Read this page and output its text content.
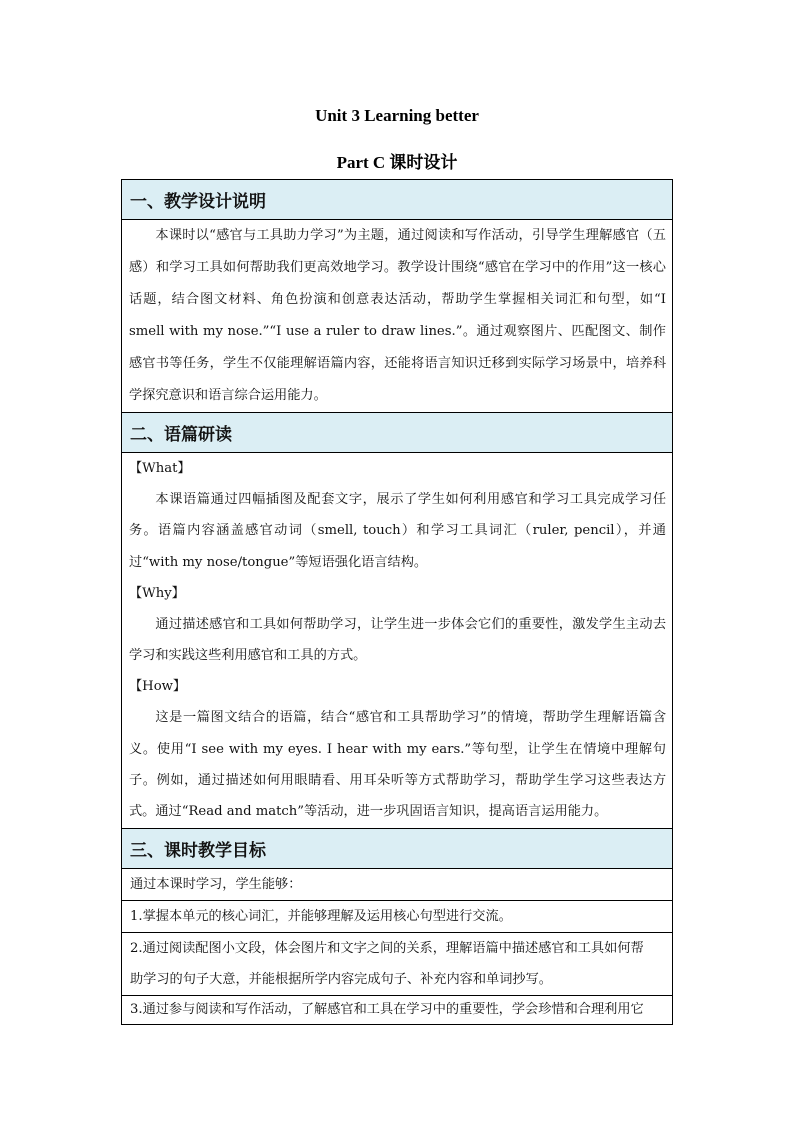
Unit 3 Learning better
Part C 课时设计
一、教学设计说明

本课时以“感官与工具助力学习”为主题，通过阅读和写作活动，引导学生理解感官（五感）和学习工具如何帮助我们更高效地学习。教学设计围绕“感官在学习中的作用”这一核心话题，结合图文材料、角色扮演和创意表达活动，帮助学生掌握相关词汇和句型，如“I smell with my nose.”“I use a ruler to draw lines.”。通过观察图片、匹配图文、制作感官书等任务，学生不仅能理解语篇内容，还能将语言知识迁移到实际学习场景中，培养科学探究意识和语言综合运用能力。

二、语篇研读

【What】

本课语篇通过四幅插图及配套文字，展示了学生如何利用感官和学习工具完成学习任务。语篇内容涵盖感官动词（smell, touch）和学习工具词汇（ruler, pencil），并通过“with my nose/tongue”等短语强化语言结构。

【Why】

通过描述感官和工具如何帮助学习，让学生进一步体会它们的重要性，激发学生主动去学习和实践这些利用感官和工具的方式。

【How】

这是一篇图文结合的语篇，结合“感官和工具帮助学习”的情境，帮助学生理解语篇含义。使用“I see with my eyes. I hear with my ears.”等句型，让学生在情境中理解句子。例如，通过描述如何用眼睛看、用耳朵听等方式帮助学习，帮助学生学习这些表达方式。通过“Read and match”等活动，进一步巩固语言知识，提高语言运用能力。

三、课时教学目标

通过本课时学习，学生能够：

1.掌握本单元的核心词汇，并能够理解及运用核心句型进行交流。

2.通过阅读配图小文段，体会图片和文字之间的关系，理解语篇中描述感官和工具如何帮

助学习的句子大意，并能根据所学内容完成句子、补充内容和单词抄写。

3.通过参与阅读和写作活动，了解感官和工具在学习中的重要性，学会珍惜和合理利用它
